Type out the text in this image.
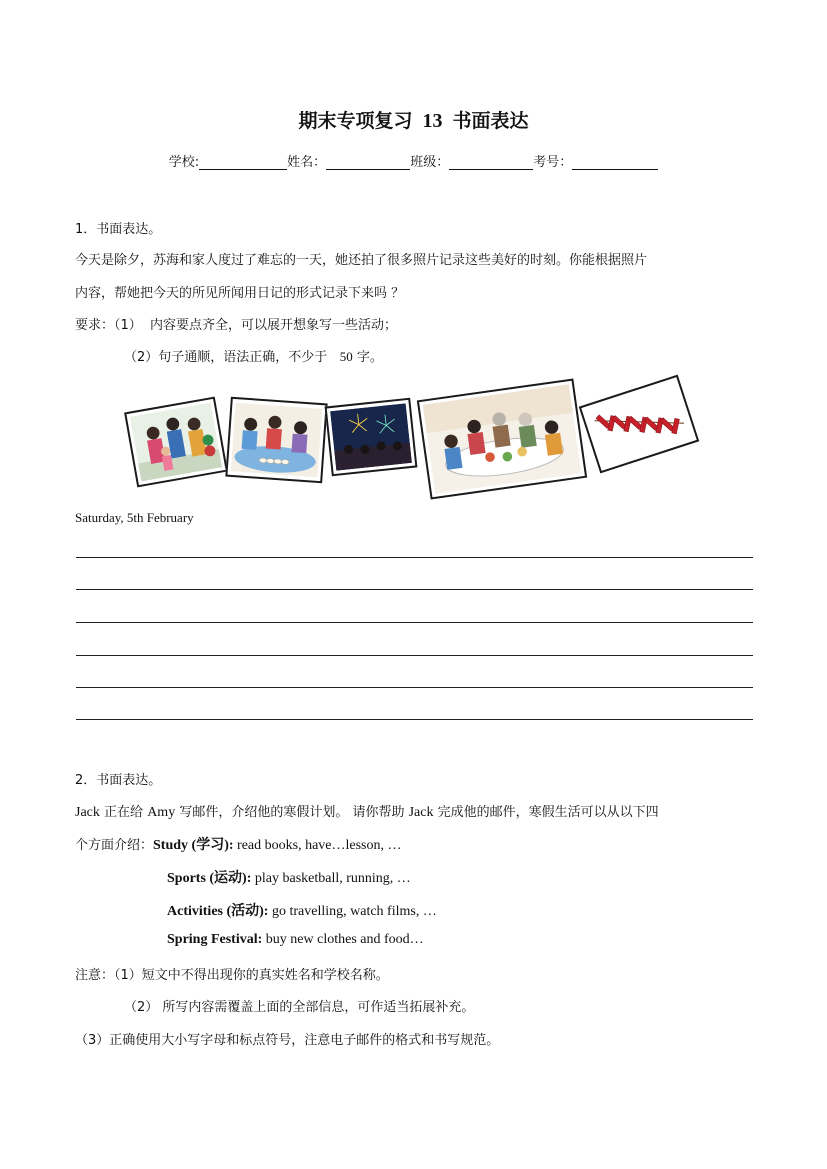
期末专项复习 13 书面表达
学校:	姓名：	班级：	考号：
1．书面表达。
今天是除夕，苏海和家人度过了难忘的一天，她还拍了很多照片记录这些美好的时刻。你能根据照片
内容，帮她把今天的所见所闻用日记的形式记录下来吗 ？
要求：（1） 内容要点齐全，可以展开想象写一些活动；
（2）句子通顺，语法正确，不少于 50 字。
Saturday, 5th February
2．书面表达。
Jack 正在给 Amy 写邮件，介绍他的寒假计划。 请你帮助 Jack 完成他的邮件，寒假生活可以从以下四
个方面介绍：Study (学习): read books, have…lesson, …
Sports (运动): play basketball, running, …
Activities (活动): go travelling, watch films, …
Spring Festival: buy new clothes and food…
注意：（1）短文中不得出现你的真实姓名和学校名称。
（2） 所写内容需覆盖上面的全部信息，可作适当拓展补充。
（3）正确使用大小写字母和标点符号，注意电子邮件的格式和书写规范。
